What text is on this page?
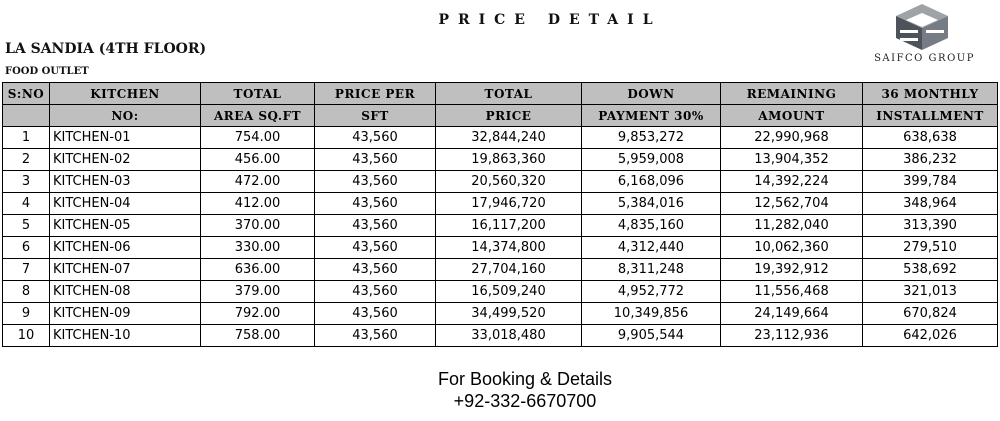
PRICE DETAIL
LA SANDIA (4TH FLOOR)
FOOD OUTLET
SAIFCO GROUP
S:NO	KITCHEN	TOTAL	PRICE PER	TOTAL	DOWN	REMAINING	36 MONTHLY
	NO:	AREA SQ.FT	SFT	PRICE	PAYMENT 30%	AMOUNT	INSTALLMENT
1	KITCHEN-01	754.00	43,560	32,844,240	9,853,272	22,990,968	638,638
2	KITCHEN-02	456.00	43,560	19,863,360	5,959,008	13,904,352	386,232
3	KITCHEN-03	472.00	43,560	20,560,320	6,168,096	14,392,224	399,784
4	KITCHEN-04	412.00	43,560	17,946,720	5,384,016	12,562,704	348,964
5	KITCHEN-05	370.00	43,560	16,117,200	4,835,160	11,282,040	313,390
6	KITCHEN-06	330.00	43,560	14,374,800	4,312,440	10,062,360	279,510
7	KITCHEN-07	636.00	43,560	27,704,160	8,311,248	19,392,912	538,692
8	KITCHEN-08	379.00	43,560	16,509,240	4,952,772	11,556,468	321,013
9	KITCHEN-09	792.00	43,560	34,499,520	10,349,856	24,149,664	670,824
10	KITCHEN-10	758.00	43,560	33,018,480	9,905,544	23,112,936	642,026
For Booking & Details
+92-332-6670700
